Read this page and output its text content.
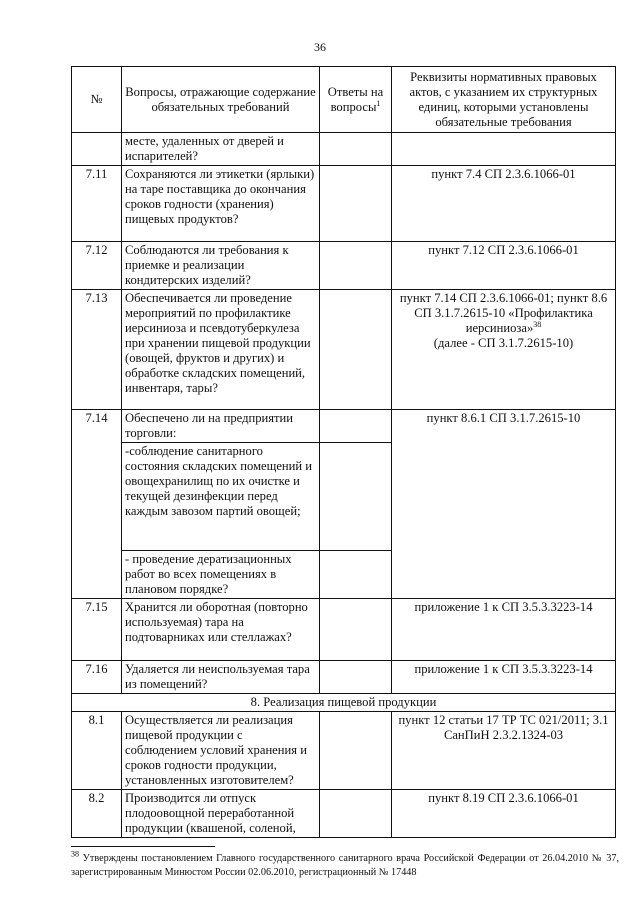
36
№	Вопросы, отражающие содержание обязательных требований	Ответы на вопросы$^1$	Реквизиты нормативных правовых актов, с указанием их структурных единиц, которыми установлены обязательные требования
	месте, удаленных от дверей и испарителей?		
7.11	Сохраняются ли этикетки (ярлыки) на таре поставщика до окончания сроков годности (хранения) пищевых продуктов?		пункт 7.4 СП 2.3.6.1066-01
7.12	Соблюдаются ли требования к приемке и реализации кондитерских изделий?		пункт 7.12 СП 2.3.6.1066-01
7.13	Обеспечивается ли проведение мероприятий по профилактике иерсиниоза и псевдотуберкулеза при хранении пищевой продукции (овощей, фруктов и других) и обработке складских помещений, инвентаря, тары?		пункт 7.14 СП 2.3.6.1066-01; пункт 8.6 СП 3.1.7.2615-10 «Профилактика иерсиниоза»$^{38}$
(далее - СП 3.1.7.2615-10)
7.14	Обеспечено ли на предприятии торговли:		пункт 8.6.1 СП 3.1.7.2615-10
	-соблюдение санитарного состояния складских помещений и овощехранилищ по их очистке и текущей дезинфекции перед каждым завозом партий овощей;		
	- проведение дератизационных работ во всех помещениях в плановом порядке?		
7.15	Хранится ли оборотная (повторно используемая) тара на подтоварниках или стеллажах?		приложение 1 к СП 3.5.3.3223-14
7.16	Удаляется ли неиспользуемая тара из помещений?		приложение 1 к СП 3.5.3.3223-14
8. Реализация пищевой продукции			
8.1	Осуществляется ли реализация пищевой продукции с соблюдением условий хранения и сроков годности продукции, установленных изготовителем?		пункт 12 статьи 17 ТР ТС 021/2011; 3.1 СанПиН 2.3.2.1324-03
8.2	Производится ли отпуск плодоовощной переработанной продукции (квашеной, соленой,		пункт 8.19 СП 2.3.6.1066-01
$^{38}$ Утверждены постановлением Главного государственного санитарного врача Российской Федерации от 26.04.2010 № 37, зарегистрированным Минюстом России 02.06.2010, регистрационный № 17448
